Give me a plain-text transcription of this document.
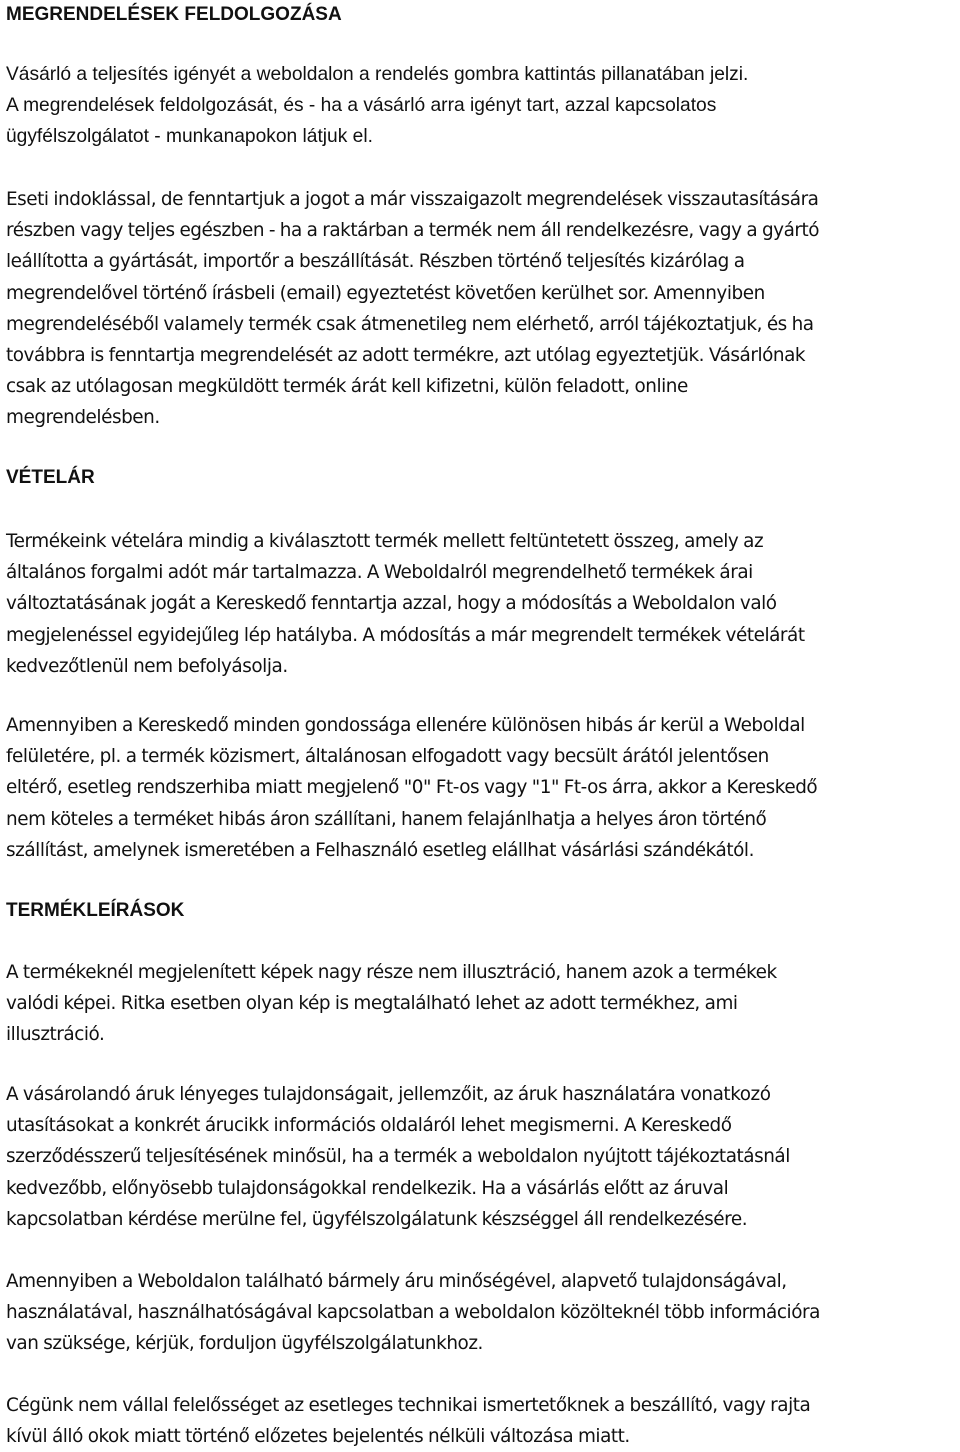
MEGRENDELÉSEK FELDOLGOZÁSA

Vásárló a teljesítés igényét a weboldalon a rendelés gombra kattintás pillanatában jelzi.
A megrendelések feldolgozását, és - ha a vásárló arra igényt tart, azzal kapcsolatos
ügyfélszolgálatot - munkanapokon látjuk el.

Eseti indoklással, de fenntartjuk a jogot a már visszaigazolt megrendelések visszautasítására
részben vagy teljes egészben - ha a raktárban a termék nem áll rendelkezésre, vagy a gyártó
leállította a gyártását, importőr a beszállítását. Részben történő teljesítés kizárólag a
megrendelővel történő írásbeli (email) egyeztetést követően kerülhet sor. Amennyiben
megrendeléséből valamely termék csak átmenetileg nem elérhető, arról tájékoztatjuk, és ha
továbbra is fenntartja megrendelését az adott termékre, azt utólag egyeztetjük. Vásárlónak
csak az utólagosan megküldött termék árát kell kifizetni, külön feladott, online
megrendelésben.

VÉTELÁR

Termékeink vételára mindig a kiválasztott termék mellett feltüntetett összeg, amely az
általános forgalmi adót már tartalmazza. A Weboldalról megrendelhető termékek árai
változtatásának jogát a Kereskedő fenntartja azzal, hogy a módosítás a Weboldalon való
megjelenéssel egyidejűleg lép hatályba. A módosítás a már megrendelt termékek vételárát
kedvezőtlenül nem befolyásolja.

Amennyiben a Kereskedő minden gondossága ellenére különösen hibás ár kerül a Weboldal
felületére, pl. a termék közismert, általánosan elfogadott vagy becsült árától jelentősen
eltérő, esetleg rendszerhiba miatt megjelenő "0" Ft-os vagy "1" Ft-os árra, akkor a Kereskedő
nem köteles a terméket hibás áron szállítani, hanem felajánlhatja a helyes áron történő
szállítást, amelynek ismeretében a Felhasználó esetleg elállhat vásárlási szándékától.

TERMÉKLEÍRÁSOK

A termékeknél megjelenített képek nagy része nem illusztráció, hanem azok a termékek
valódi képei. Ritka esetben olyan kép is megtalálható lehet az adott termékhez, ami
illusztráció.

A vásárolandó áruk lényeges tulajdonságait, jellemzőit, az áruk használatára vonatkozó
utasításokat a konkrét árucikk információs oldaláról lehet megismerni. A Kereskedő
szerződésszerű teljesítésének minősül, ha a termék a weboldalon nyújtott tájékoztatásnál
kedvezőbb, előnyösebb tulajdonságokkal rendelkezik. Ha a vásárlás előtt az áruval
kapcsolatban kérdése merülne fel, ügyfélszolgálatunk készséggel áll rendelkezésére.

Amennyiben a Weboldalon található bármely áru minőségével, alapvető tulajdonságával,
használatával, használhatóságával kapcsolatban a weboldalon közölteknél több információra
van szüksége, kérjük, forduljon ügyfélszolgálatunkhoz.

Cégünk nem vállal felelősséget az esetleges technikai ismertetőknek a beszállító, vagy rajta
kívül álló okok miatt történő előzetes bejelentés nélküli változása miatt.
